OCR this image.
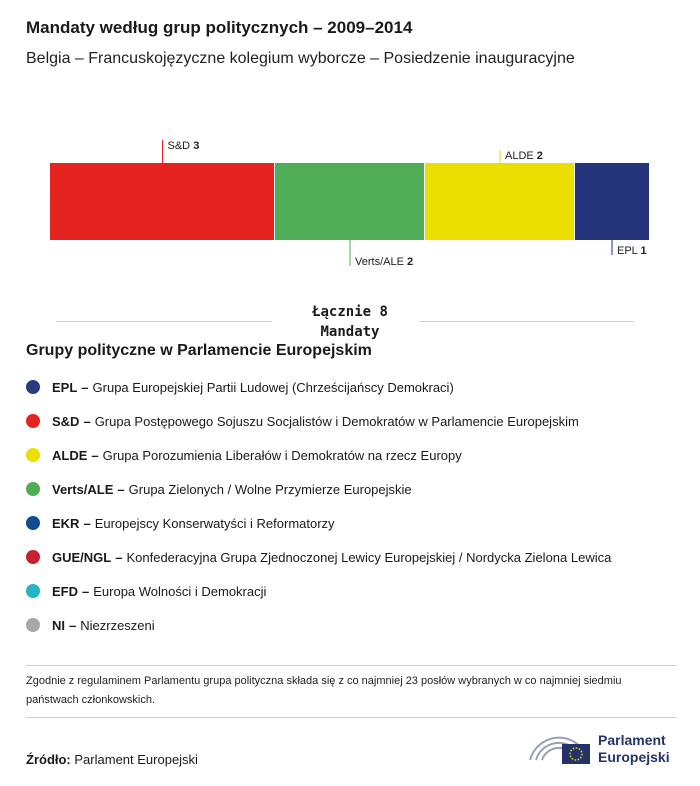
Mandaty według grup politycznych – 2009–2014
Belgia – Francuskojęzyczne kolegium wyborcze – Posiedzenie inauguracyjne
S&D 3
Verts/ALE 2
ALDE 2
EPL 1
Łącznie 8
Mandaty
Grupy polityczne w Parlamencie Europejskim
EPL – Grupa Europejskiej Partii Ludowej (Chrześcijańscy Demokraci)
S&D – Grupa Postępowego Sojuszu Socjalistów i Demokratów w Parlamencie Europejskim
ALDE – Grupa Porozumienia Liberałów i Demokratów na rzecz Europy
Verts/ALE – Grupa Zielonych / Wolne Przymierze Europejskie
EKR – Europejscy Konserwatyści i Reformatorzy
GUE/NGL – Konfederacyjna Grupa Zjednoczonej Lewicy Europejskiej / Nordycka Zielona Lewica
EFD – Europa Wolności i Demokracji
NI – Niezrzeszeni
Zgodnie z regulaminem Parlamentu grupa polityczna składa się z co najmniej 23 posłów wybranych w co najmniej siedmiu państwach członkowskich.
Źródło: Parlament Europejski
Parlament
Europejski
